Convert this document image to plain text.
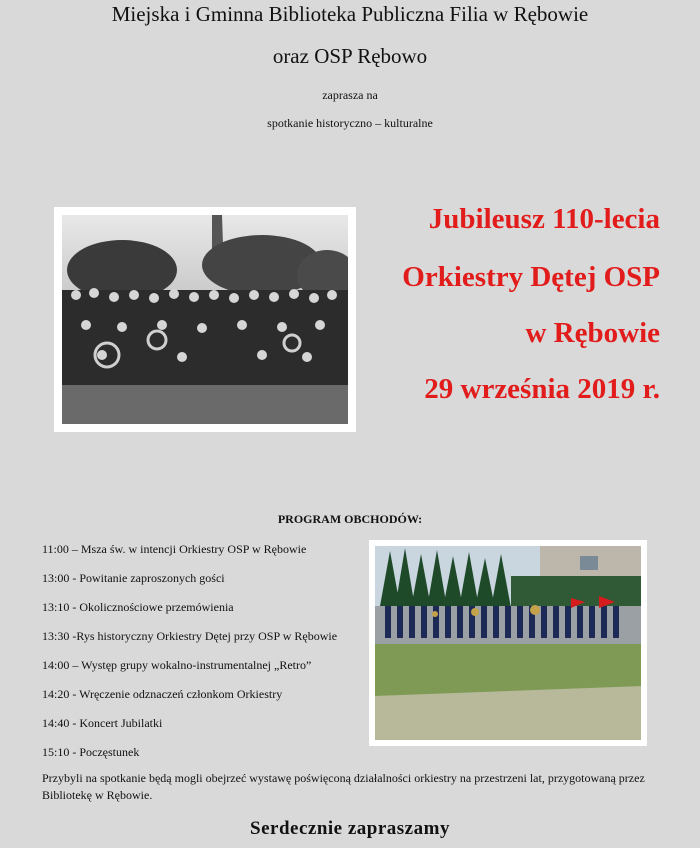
Miejska i Gminna Biblioteka Publiczna Filia w Rębowie
oraz OSP Rębowo
zaprasza na
spotkanie historyczno – kulturalne
Jubileusz 110-lecia
Orkiestry Dętej OSP
w Rębowie
29 września 2019 r.
PROGRAM OBCHODÓW:
11:00 – Msza św. w intencji Orkiestry OSP w Rębowie
13:00 - Powitanie zaproszonych gości
13:10 - Okolicznościowe przemówienia
13:30 -Rys historyczny Orkiestry Dętej przy OSP w Rębowie
14:00 – Występ grupy wokalno-instrumentalnej „Retro”
14:20 - Wręczenie odznaczeń członkom Orkiestry
14:40 - Koncert Jubilatki
15:10 - Poczęstunek
Przybyli na spotkanie będą mogli obejrzeć wystawę poświęconą działalności orkiestry na przestrzeni lat, przygotowaną przez Bibliotekę w Rębowie.
Serdecznie zapraszamy
